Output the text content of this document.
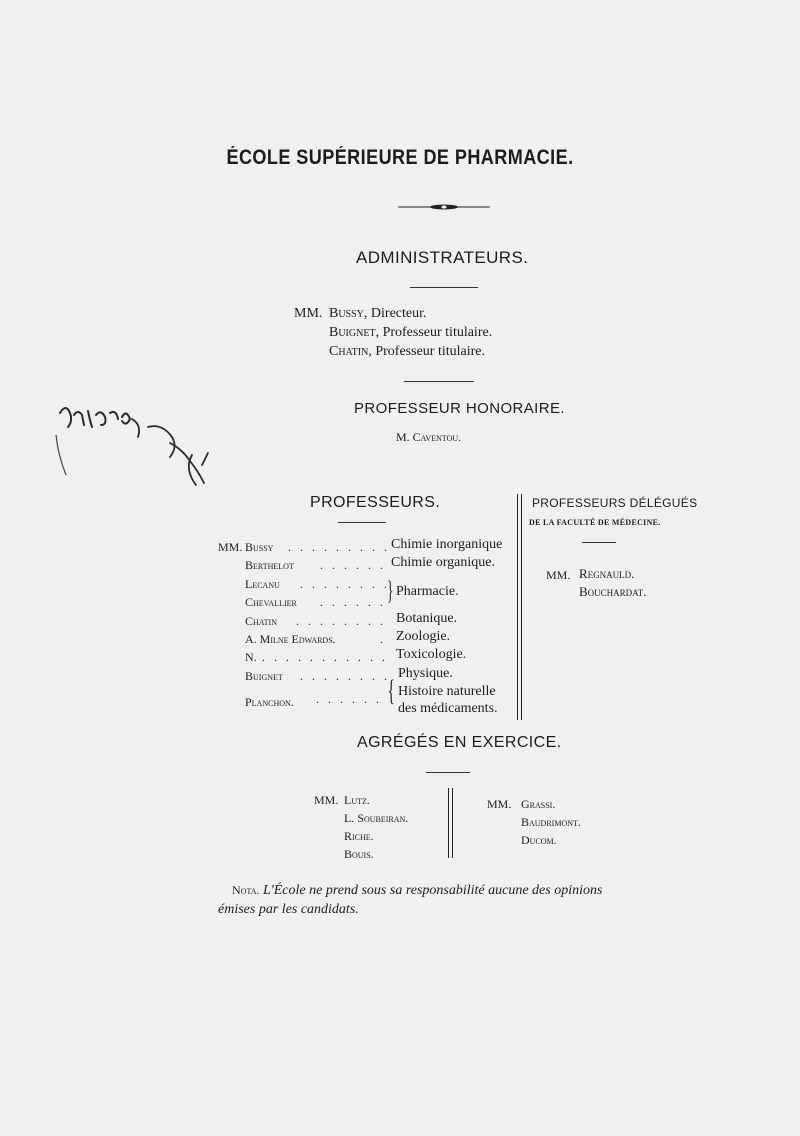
ÉCOLE SUPÉRIEURE DE PHARMACIE.
ADMINISTRATEURS.
MM. Bussy, Directeur.
Buignet, Professeur titulaire.
Chatin, Professeur titulaire.
PROFESSEUR HONORAIRE.
M. Caventou.
PROFESSEURS.
MM. Bussy . . . . . . . . . Chimie inorganique
Berthelot . . . . . . Chimie organique.
Lecanu . . . . . . . .
Chevallier . . . . . . } Pharmacie.
Chatin . . . . . . . . Botanique.
A. Milne Edwards.	. Zoologie.
N. . . . . . . . . . . . Toxicologie.
Buignet . . . . . . . . Physique.
Planchon. . . . . . . { Histoire naturelle
des médicaments.
PROFESSEURS DÉLÉGUÉS
DE LA FACULTÉ DE MÉDECINE.
MM. Regnauld.
Bouchardat.
AGRÉGÉS EN EXERCICE.
MM. Lutz.
L. Soubeiran.
Riche.
Bouis.
MM. Grassi.
Baudrimont.
Ducom.
Nota. L'École ne prend sous sa responsabilité aucune des opinions
émises par les candidats.
